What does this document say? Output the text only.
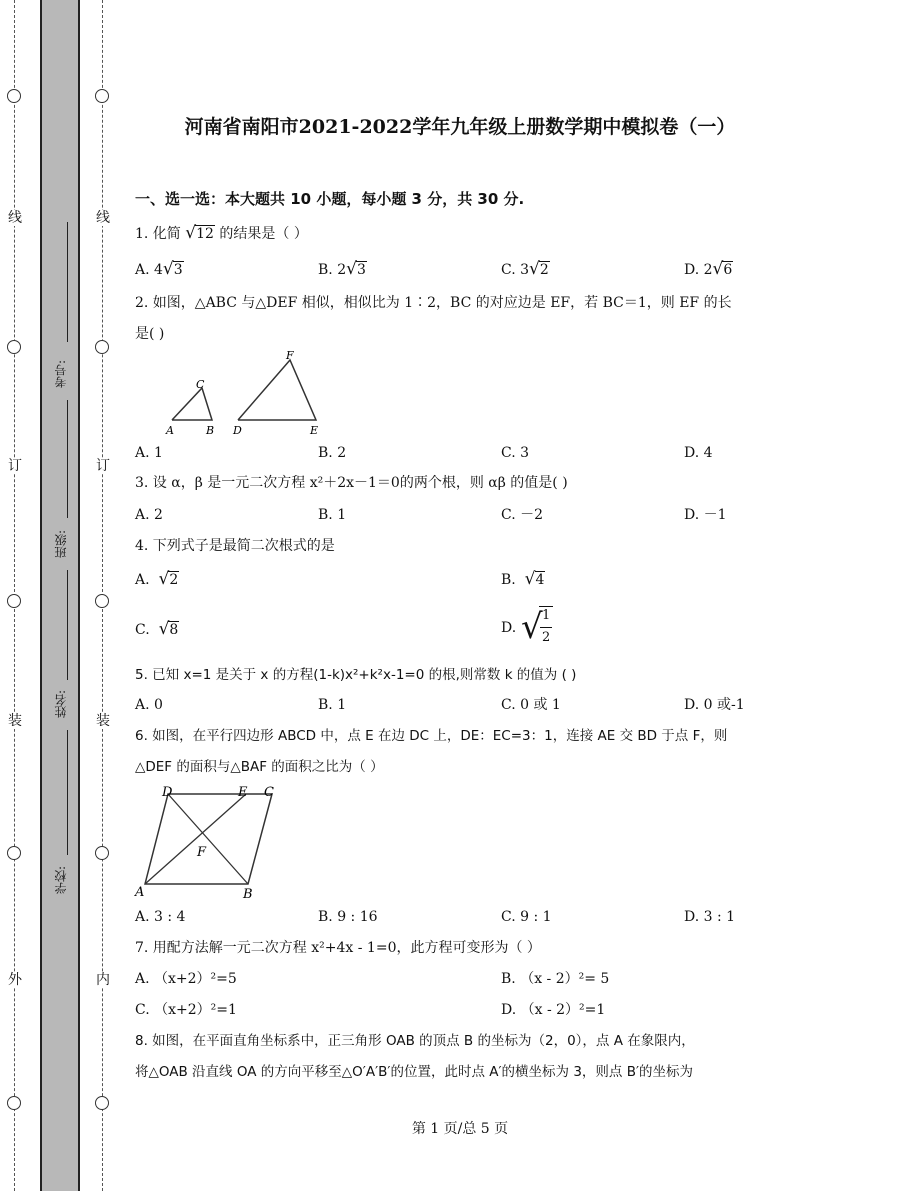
线
订
装
外
线
订
装
内
考号:
班级:
姓名:
学校:
河南省南阳市2021-2022学年九年级上册数学期中模拟卷（一）
一、选一选：本大题共 10 小题，每小题 3 分，共 30 分.
1. 化简 √12 的结果是（ ）
A. 4√3	B. 2√3	C. 3√2	D. 2√6
2. 如图，△ABC 与△DEF 相似，相似比为 1∶2，BC 的对应边是 EF，若 BC＝1，则 EF 的长
是( )
A
C
B D
F
E
A. 1	B. 2	C. 3	D. 4
3. 设 α，β 是一元二次方程 x²＋2x－1＝0的两个根，则 αβ 的值是( )
A. 2	B. 1	C. －2	D. －1
4. 下列式子是最简二次根式的是
A. √2	B. √4
C. √8	D. √ 1
2
5. 已知 x=1 是关于 x 的方程(1-k)x²+k²x-1=0 的根,则常数 k 的值为 ( )
A. 0	B. 1	C. 0 或 1	D. 0 或-1
6. 如图，在平行四边形 ABCD 中，点 E 在边 DC 上，DE：EC=3：1，连接 AE 交 BD 于点 F，则
△DEF 的面积与△BAF 的面积之比为（ ）
D	E C
F
A	B
A. 3 : 4	B. 9 : 16	C. 9 : 1	D. 3 : 1
7. 用配方法解一元二次方程 x²+4x - 1=0，此方程可变形为（ ）
A. （x+2）²=5	B. （x - 2）²= 5
C. （x+2）²=1	D. （x - 2）²=1
8. 如图，在平面直角坐标系中，正三角形 OAB 的顶点 B 的坐标为（2，0），点 A 在象限内，
将△OAB 沿直线 OA 的方向平移至△O′A′B′的位置，此时点 A′的横坐标为 3，则点 B′的坐标为
第 1 页/总 5 页
